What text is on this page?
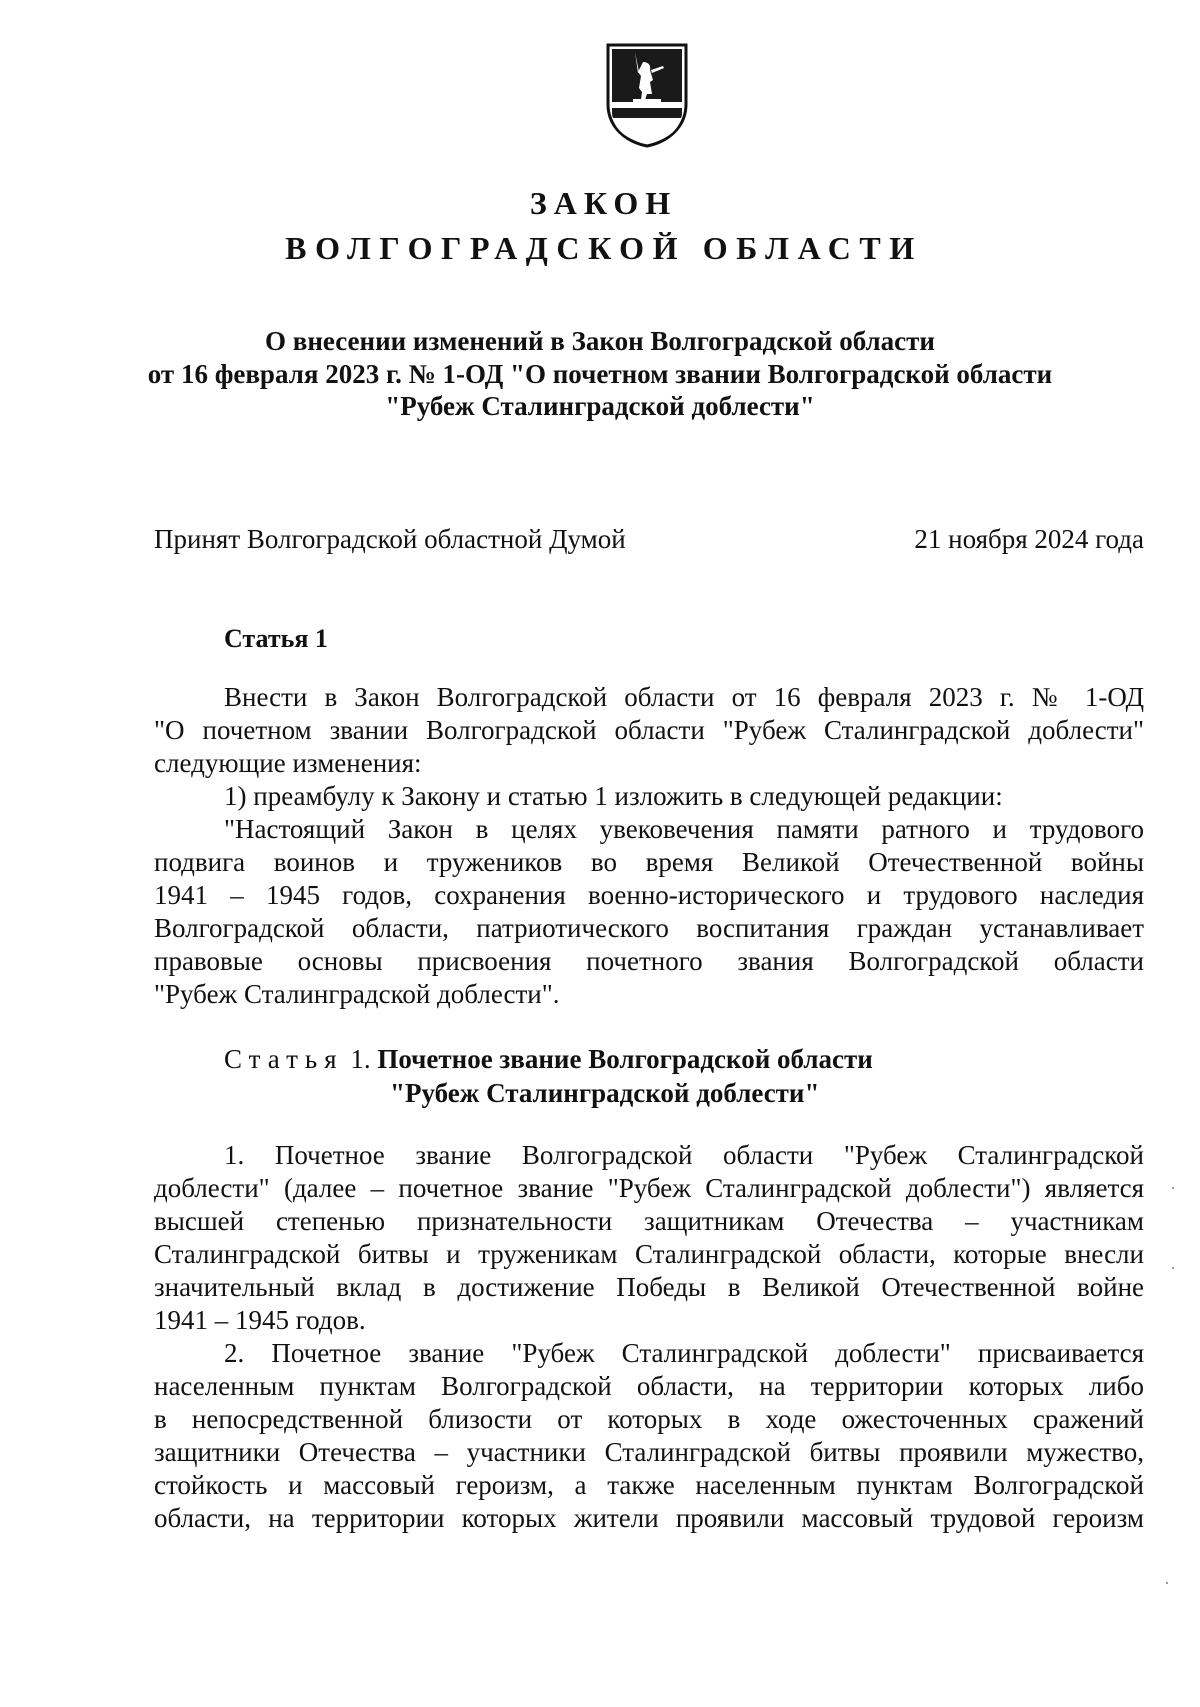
ЗАКОН
ВОЛГОГРАДСКОЙ ОБЛАСТИ
О внесении изменений в Закон Волгоградской области
от 16 февраля 2023 г. № 1-ОД "О почетном звании Волгоградской области
"Рубеж Сталинградской доблести"
Принят Волгоградской областной Думой	21 ноября 2024 года
Статья 1
Внести в Закон Волгоградской области от 16 февраля 2023 г. № 1-ОД
"О почетном звании Волгоградской области "Рубеж Сталинградской доблести"
следующие изменения:
1) преамбулу к Закону и статью 1 изложить в следующей редакции:
"Настоящий Закон в целях увековечения памяти ратного и трудового
подвига воинов и тружеников во время Великой Отечественной войны
1941 – 1945 годов, сохранения военно-исторического и трудового наследия
Волгоградской области, патриотического воспитания граждан устанавливает
правовые основы присвоения почетного звания Волгоградской области
"Рубеж Сталинградской доблести".
Статья 1. Почетное звание Волгоградской области
"Рубеж Сталинградской доблести"
1. Почетное звание Волгоградской области "Рубеж Сталинградской
доблести" (далее – почетное звание "Рубеж Сталинградской доблести") является
высшей степенью признательности защитникам Отечества – участникам
Сталинградской битвы и труженикам Сталинградской области, которые внесли
значительный вклад в достижение Победы в Великой Отечественной войне
1941 – 1945 годов.
2. Почетное звание "Рубеж Сталинградской доблести" присваивается
населенным пунктам Волгоградской области, на территории которых либо
в непосредственной близости от которых в ходе ожесточенных сражений
защитники Отечества – участники Сталинградской битвы проявили мужество,
стойкость и массовый героизм, а также населенным пунктам Волгоградской
области, на территории которых жители проявили массовый трудовой героизм
